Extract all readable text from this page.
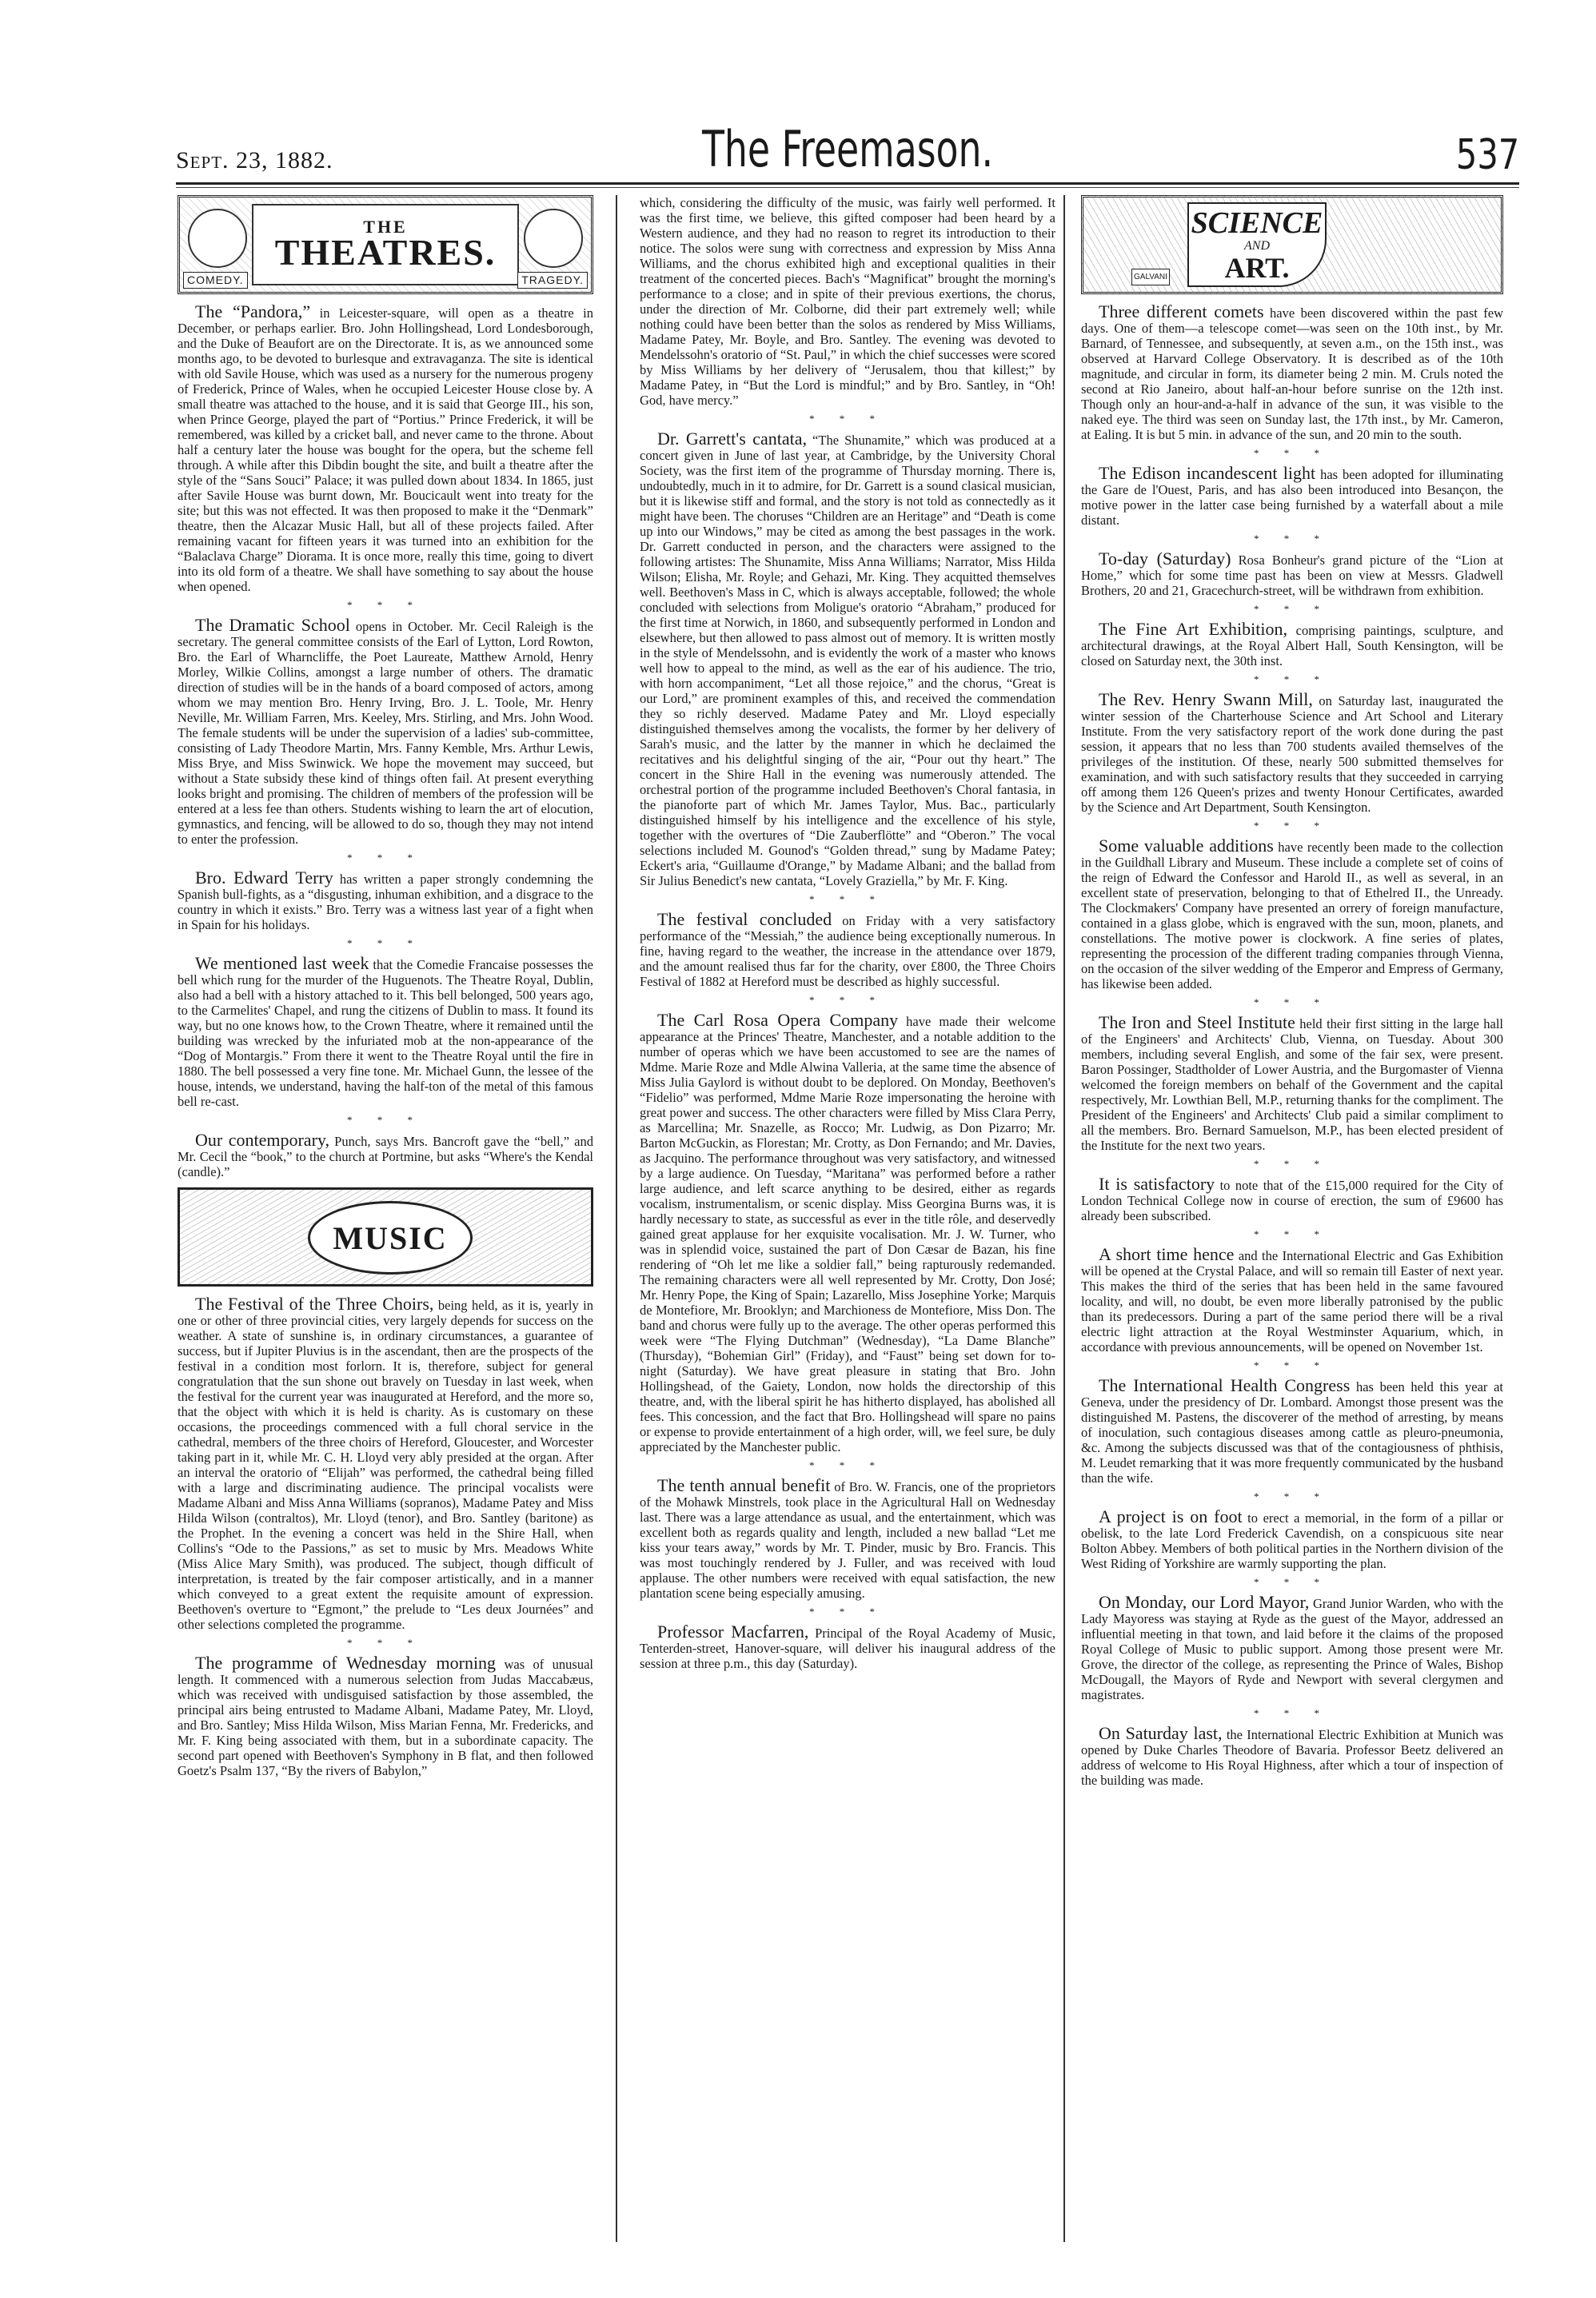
Sept. 23, 1882.	The Freemason.	537
THE
THEATRES.
COMEDY.	TRAGEDY.

The “Pandora,” in Leicester-square, will open as a theatre in December, or perhaps earlier. Bro. John Hollingshead, Lord Londesborough, and the Duke of Beaufort are on the Directorate. It is, as we announced some months ago, to be devoted to burlesque and extravaganza. The site is identical with old Savile House, which was used as a nursery for the numerous progeny of Frederick, Prince of Wales, when he occupied Leicester House close by. A small theatre was attached to the house, and it is said that George III., his son, when Prince George, played the part of “Portius.” Prince Frederick, it will be remembered, was killed by a cricket ball, and never came to the throne. About half a century later the house was bought for the opera, but the scheme fell through. A while after this Dibdin bought the site, and built a theatre after the style of the “Sans Souci” Palace; it was pulled down about 1834. In 1865, just after Savile House was burnt down, Mr. Boucicault went into treaty for the site; but this was not effected. It was then proposed to make it the “Denmark” theatre, then the Alcazar Music Hall, but all of these projects failed. After remaining vacant for fifteen years it was turned into an exhibition for the “Balaclava Charge” Diorama. It is once more, really this time, going to divert into its old form of a theatre. We shall have something to say about the house when opened.

* * *

The Dramatic School opens in October. Mr. Cecil Raleigh is the secretary. The general committee consists of the Earl of Lytton, Lord Rowton, Bro. the Earl of Wharncliffe, the Poet Laureate, Matthew Arnold, Henry Morley, Wilkie Collins, amongst a large number of others. The dramatic direction of studies will be in the hands of a board composed of actors, among whom we may mention Bro. Henry Irving, Bro. J. L. Toole, Mr. Henry Neville, Mr. William Farren, Mrs. Keeley, Mrs. Stirling, and Mrs. John Wood. The female students will be under the supervision of a ladies' sub-committee, consisting of Lady Theodore Martin, Mrs. Fanny Kemble, Mrs. Arthur Lewis, Miss Brye, and Miss Swinwick. We hope the movement may succeed, but without a State subsidy these kind of things often fail. At present everything looks bright and promising. The children of members of the profession will be entered at a less fee than others. Students wishing to learn the art of elocution, gymnastics, and fencing, will be allowed to do so, though they may not intend to enter the profession.

* * *

Bro. Edward Terry has written a paper strongly condemning the Spanish bull-fights, as a “disgusting, inhuman exhibition, and a disgrace to the country in which it exists.” Bro. Terry was a witness last year of a fight when in Spain for his holidays.

* * *

We mentioned last week that the Comedie Francaise possesses the bell which rung for the murder of the Huguenots. The Theatre Royal, Dublin, also had a bell with a history attached to it. This bell belonged, 500 years ago, to the Carmelites' Chapel, and rung the citizens of Dublin to mass. It found its way, but no one knows how, to the Crown Theatre, where it remained until the building was wrecked by the infuriated mob at the non-appearance of the “Dog of Montargis.” From there it went to the Theatre Royal until the fire in 1880. The bell possessed a very fine tone. Mr. Michael Gunn, the lessee of the house, intends, we understand, having the half-ton of the metal of this famous bell re-cast.

* * *

Our contemporary, Punch, says Mrs. Bancroft gave the “bell,” and Mr. Cecil the “book,” to the church at Portmine, but asks “Where's the Kendal (candle).”

MUSIC

The Festival of the Three Choirs, being held, as it is, yearly in one or other of three provincial cities, very largely depends for success on the weather. A state of sunshine is, in ordinary circumstances, a guarantee of success, but if Jupiter Pluvius is in the ascendant, then are the prospects of the festival in a condition most forlorn. It is, therefore, subject for general congratulation that the sun shone out bravely on Tuesday in last week, when the festival for the current year was inaugurated at Hereford, and the more so, that the object with which it is held is charity. As is customary on these occasions, the proceedings commenced with a full choral service in the cathedral, members of the three choirs of Hereford, Gloucester, and Worcester taking part in it, while Mr. C. H. Lloyd very ably presided at the organ. After an interval the oratorio of “Elijah” was performed, the cathedral being filled with a large and discriminating audience. The principal vocalists were Madame Albani and Miss Anna Williams (sopranos), Madame Patey and Miss Hilda Wilson (contraltos), Mr. Lloyd (tenor), and Bro. Santley (baritone) as the Prophet. In the evening a concert was held in the Shire Hall, when Collins's “Ode to the Passions,” as set to music by Mrs. Meadows White (Miss Alice Mary Smith), was produced. The subject, though difficult of interpretation, is treated by the fair composer artistically, and in a manner which conveyed to a great extent the requisite amount of expression. Beethoven's overture to “Egmont,” the prelude to “Les deux Journées” and other selections completed the programme.

* * *

The programme of Wednesday morning was of unusual length. It commenced with a numerous selection from Judas Maccabæus, which was received with undisguised satisfaction by those assembled, the principal airs being entrusted to Madame Albani, Madame Patey, Mr. Lloyd, and Bro. Santley; Miss Hilda Wilson, Miss Marian Fenna, Mr. Fredericks, and Mr. F. King being associated with them, but in a subordinate capacity. The second part opened with Beethoven's Symphony in B flat, and then followed Goetz's Psalm 137, “By the rivers of Babylon,”

which, considering the difficulty of the music, was fairly well performed. It was the first time, we believe, this gifted composer had been heard by a Western audience, and they had no reason to regret its introduction to their notice. The solos were sung with correctness and expression by Miss Anna Williams, and the chorus exhibited high and exceptional qualities in their treatment of the concerted pieces. Bach's “Magnificat” brought the morning's performance to a close; and in spite of their previous exertions, the chorus, under the direction of Mr. Colborne, did their part extremely well; while nothing could have been better than the solos as rendered by Miss Williams, Madame Patey, Mr. Boyle, and Bro. Santley. The evening was devoted to Mendelssohn's oratorio of “St. Paul,” in which the chief successes were scored by Miss Williams by her delivery of “Jerusalem, thou that killest;” by Madame Patey, in “But the Lord is mindful;” and by Bro. Santley, in “Oh! God, have mercy.”

* * *

Dr. Garrett's cantata, “The Shunamite,” which was produced at a concert given in June of last year, at Cambridge, by the University Choral Society, was the first item of the programme of Thursday morning. There is, undoubtedly, much in it to admire, for Dr. Garrett is a sound clasical musician, but it is likewise stiff and formal, and the story is not told as connectedly as it might have been. The choruses “Children are an Heritage” and “Death is come up into our Windows,” may be cited as among the best passages in the work. Dr. Garrett conducted in person, and the characters were assigned to the following artistes: The Shunamite, Miss Anna Williams; Narrator, Miss Hilda Wilson; Elisha, Mr. Royle; and Gehazi, Mr. King. They acquitted themselves well. Beethoven's Mass in C, which is always acceptable, followed; the whole concluded with selections from Moligue's oratorio “Abraham,” produced for the first time at Norwich, in 1860, and subsequently performed in London and elsewhere, but then allowed to pass almost out of memory. It is written mostly in the style of Mendelssohn, and is evidently the work of a master who knows well how to appeal to the mind, as well as the ear of his audience. The trio, with horn accompaniment, “Let all those rejoice,” and the chorus, “Great is our Lord,” are prominent examples of this, and received the commendation they so richly deserved. Madame Patey and Mr. Lloyd especially distinguished themselves among the vocalists, the former by her delivery of Sarah's music, and the latter by the manner in which he declaimed the recitatives and his delightful singing of the air, “Pour out thy heart.” The concert in the Shire Hall in the evening was numerously attended. The orchestral portion of the programme included Beethoven's Choral fantasia, in the pianoforte part of which Mr. James Taylor, Mus. Bac., particularly distinguished himself by his intelligence and the excellence of his style, together with the overtures of “Die Zauberflötte” and “Oberon.” The vocal selections included M. Gounod's “Golden thread,” sung by Madame Patey; Eckert's aria, “Guillaume d'Orange,” by Madame Albani; and the ballad from Sir Julius Benedict's new cantata, “Lovely Graziella,” by Mr. F. King.

* * *

The festival concluded on Friday with a very satisfactory performance of the “Messiah,” the audience being exceptionally numerous. In fine, having regard to the weather, the increase in the attendance over 1879, and the amount realised thus far for the charity, over £800, the Three Choirs Festival of 1882 at Hereford must be described as highly successful.

* * *

The Carl Rosa Opera Company have made their welcome appearance at the Princes' Theatre, Manchester, and a notable addition to the number of operas which we have been accustomed to see are the names of Mdme. Marie Roze and Mdle Alwina Valleria, at the same time the absence of Miss Julia Gaylord is without doubt to be deplored. On Monday, Beethoven's “Fidelio” was performed, Mdme Marie Roze impersonating the heroine with great power and success. The other characters were filled by Miss Clara Perry, as Marcellina; Mr. Snazelle, as Rocco; Mr. Ludwig, as Don Pizarro; Mr. Barton McGuckin, as Florestan; Mr. Crotty, as Don Fernando; and Mr. Davies, as Jacquino. The performance throughout was very satisfactory, and witnessed by a large audience. On Tuesday, “Maritana” was performed before a rather large audience, and left scarce anything to be desired, either as regards vocalism, instrumentalism, or scenic display. Miss Georgina Burns was, it is hardly necessary to state, as successful as ever in the title rôle, and deservedly gained great applause for her exquisite vocalisation. Mr. J. W. Turner, who was in splendid voice, sustained the part of Don Cæsar de Bazan, his fine rendering of “Oh let me like a soldier fall,” being rapturously redemanded. The remaining characters were all well represented by Mr. Crotty, Don José; Mr. Henry Pope, the King of Spain; Lazarello, Miss Josephine Yorke; Marquis de Montefiore, Mr. Brooklyn; and Marchioness de Montefiore, Miss Don. The band and chorus were fully up to the average. The other operas performed this week were “The Flying Dutchman” (Wednesday), “La Dame Blanche” (Thursday), “Bohemian Girl” (Friday), and “Faust” being set down for to-night (Saturday). We have great pleasure in stating that Bro. John Hollingshead, of the Gaiety, London, now holds the directorship of this theatre, and, with the liberal spirit he has hitherto displayed, has abolished all fees. This concession, and the fact that Bro. Hollingshead will spare no pains or expense to provide entertainment of a high order, will, we feel sure, be duly appreciated by the Manchester public.

* * *

The tenth annual benefit of Bro. W. Francis, one of the proprietors of the Mohawk Minstrels, took place in the Agricultural Hall on Wednesday last. There was a large attendance as usual, and the entertainment, which was excellent both as regards quality and length, included a new ballad “Let me kiss your tears away,” words by Mr. T. Pinder, music by Bro. Francis. This was most touchingly rendered by J. Fuller, and was received with loud applause. The other numbers were received with equal satisfaction, the new plantation scene being especially amusing.

* * *

Professor Macfarren, Principal of the Royal Academy of Music, Tenterden-street, Hanover-square, will deliver his inaugural address of the session at three p.m., this day (Saturday).

SCIENCE
AND
ART.
GALVANI

Three different comets have been discovered within the past few days. One of them—a telescope comet—was seen on the 10th inst., by Mr. Barnard, of Tennessee, and subsequently, at seven a.m., on the 15th inst., was observed at Harvard College Observatory. It is described as of the 10th magnitude, and circular in form, its diameter being 2 min. M. Cruls noted the second at Rio Janeiro, about half-an-hour before sunrise on the 12th inst. Though only an hour-and-a-half in advance of the sun, it was visible to the naked eye. The third was seen on Sunday last, the 17th inst., by Mr. Cameron, at Ealing. It is but 5 min. in advance of the sun, and 20 min to the south.

* * *

The Edison incandescent light has been adopted for illuminating the Gare de l'Ouest, Paris, and has also been introduced into Besançon, the motive power in the latter case being furnished by a waterfall about a mile distant.

* * *

To-day (Saturday) Rosa Bonheur's grand picture of the “Lion at Home,” which for some time past has been on view at Messrs. Gladwell Brothers, 20 and 21, Gracechurch-street, will be withdrawn from exhibition.

* * *

The Fine Art Exhibition, comprising paintings, sculpture, and architectural drawings, at the Royal Albert Hall, South Kensington, will be closed on Saturday next, the 30th inst.

* * *

The Rev. Henry Swann Mill, on Saturday last, inaugurated the winter session of the Charterhouse Science and Art School and Literary Institute. From the very satisfactory report of the work done during the past session, it appears that no less than 700 students availed themselves of the privileges of the institution. Of these, nearly 500 submitted themselves for examination, and with such satisfactory results that they succeeded in carrying off among them 126 Queen's prizes and twenty Honour Certificates, awarded by the Science and Art Department, South Kensington.

* * *

Some valuable additions have recently been made to the collection in the Guildhall Library and Museum. These include a complete set of coins of the reign of Edward the Confessor and Harold II., as well as several, in an excellent state of preservation, belonging to that of Ethelred II., the Unready. The Clockmakers' Company have presented an orrery of foreign manufacture, contained in a glass globe, which is engraved with the sun, moon, planets, and constellations. The motive power is clockwork. A fine series of plates, representing the procession of the different trading companies through Vienna, on the occasion of the silver wedding of the Emperor and Empress of Germany, has likewise been added.

* * *

The Iron and Steel Institute held their first sitting in the large hall of the Engineers' and Architects' Club, Vienna, on Tuesday. About 300 members, including several English, and some of the fair sex, were present. Baron Possinger, Stadtholder of Lower Austria, and the Burgomaster of Vienna welcomed the foreign members on behalf of the Government and the capital respectively, Mr. Lowthian Bell, M.P., returning thanks for the compliment. The President of the Engineers' and Architects' Club paid a similar compliment to all the members. Bro. Bernard Samuelson, M.P., has been elected president of the Institute for the next two years.

* * *

It is satisfactory to note that of the £15,000 required for the City of London Technical College now in course of erection, the sum of £9600 has already been subscribed.

* * *

A short time hence and the International Electric and Gas Exhibition will be opened at the Crystal Palace, and will so remain till Easter of next year. This makes the third of the series that has been held in the same favoured locality, and will, no doubt, be even more liberally patronised by the public than its predecessors. During a part of the same period there will be a rival electric light attraction at the Royal Westminster Aquarium, which, in accordance with previous announcements, will be opened on November 1st.

* * *

The International Health Congress has been held this year at Geneva, under the presidency of Dr. Lombard. Amongst those present was the distinguished M. Pastens, the discoverer of the method of arresting, by means of inoculation, such contagious diseases among cattle as pleuro-pneumonia, &c. Among the subjects discussed was that of the contagiousness of phthisis, M. Leudet remarking that it was more frequently communicated by the husband than the wife.

* * *

A project is on foot to erect a memorial, in the form of a pillar or obelisk, to the late Lord Frederick Cavendish, on a conspicuous site near Bolton Abbey. Members of both political parties in the Northern division of the West Riding of Yorkshire are warmly supporting the plan.

* * *

On Monday, our Lord Mayor, Grand Junior Warden, who with the Lady Mayoress was staying at Ryde as the guest of the Mayor, addressed an influential meeting in that town, and laid before it the claims of the proposed Royal College of Music to public support. Among those present were Mr. Grove, the director of the college, as representing the Prince of Wales, Bishop McDougall, the Mayors of Ryde and Newport with several clergymen and magistrates.

* * *

On Saturday last, the International Electric Exhibition at Munich was opened by Duke Charles Theodore of Bavaria. Professor Beetz delivered an address of welcome to His Royal Highness, after which a tour of inspection of the building was made.
